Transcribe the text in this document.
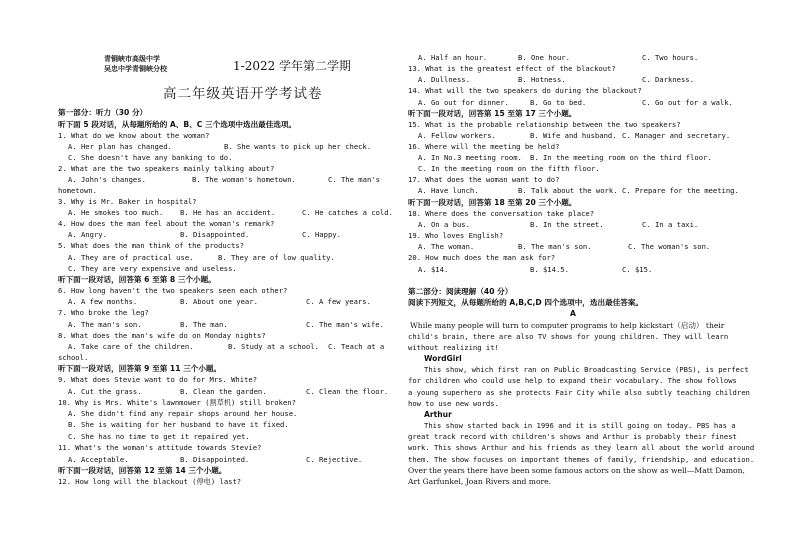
青铜峡市高级中学
吴忠中学青铜峡分校	1-2022 学年第二学期
高二年级英语开学考试卷
第一部分：听力（30 分）
听下面 5 段对话，从每题所给的 A、B、C 三个选项中选出最佳选项。
1. What do we know about the woman?
A. Her plan has changed.	B. She wants to pick up her check.
C. She doesn't have any banking to do.
2. What are the two speakers mainly talking about?
A. John's changes.	B. The woman's hometown.	C. The man's
hometown.
3. Why is Mr. Baker in hospital?
A. He smokes too much. B. He has an accident.	C. He catches a cold.
4. How does the man feel about the woman's remark?
A. Angry.	B. Disappointed.	C. Happy.
5. What does the man think of the products?
A. They are of practical use.	B. They are of low quality.
C. They are very expensive and useless.
听下面一段对话，回答第 6 至第 8 三个小题。
6. How long haven't the two speakers seen each other?
A. A few months.	B. About one year.	C. A few years.
7. Who broke the leg?
A. The man's son.	B. The man.	C. The man's wife.
8. What does the man's wife do on Monday nights?
A. Take care of the children.	B. Study at a school. C. Teach at a
school.
听下面一段对话，回答第 9 至第 11 三个小题。
9. What does Stevie want to do for Mrs. White?
A. Cut the grass.	B. Clean the garden.	C. Clean the floor.
10. Why is Mrs. White's lawnmower (割草机) still broken?
A. She didn't find any repair shops around her house.
B. She is waiting for her husband to have it fixed.
C. She has no time to get it repaired yet.
11. What's the woman's attitude towards Stevie?
A. Acceptable.	B. Disappointed.	C. Rejective.
听下面一段对话，回答第 12 至第 14 三个小题。
12. How long will the blackout (停电) last?
A. Half an hour.	B. One hour.	C. Two hours.
13. What is the greatest effect of the blackout?
A. Dullness.	B. Hotness.	C. Darkness.
14. What will the two speakers do during the blackout?
A. Go out for dinner.	B. Go to bed.	C. Go out for a walk.
听下面一段对话，回答第 15 至第 17 三个小题。
15. What is the probable relationship between the two speakers?
A. Fellow workers.	B. Wife and husband. C. Manager and secretary.
16. Where will the meeting be held?
A. In No.3 meeting room. B. In the meeting room on the third floor.
C. In the meeting room on the fifth floor.
17. What does the woman want to do?
A. Have lunch.	B. Talk about the work. C. Prepare for the meeting.
听下面一段对话，回答第 18 至第 20 三个小题。
18. Where does the conversation take place?
A. On a bus.	B. In the street.	C. In a taxi.
19. Who loves English?
A. The woman.	B. The man's son.	C. The woman's son.
20. How much does the man ask for?
A. $14.	B. $14.5.	C. $15.
第二部分：阅读理解（40 分）
阅读下列短文，从每题所给的 A,B,C,D 四个选项中，选出最佳答案。
A
While many people will turn to computer programs to help kickstart（启动） their
child's brain, there are also TV shows for young children. They will learn
without realizing it!
WordGirl
This show, which first ran on Public Broadcasting Service (PBS), is perfect
for children who could use help to expand their vocabulary. The show follows
a young superhero as she protects Fair City while also subtly teaching children
how to use new words.
Arthur
This show started back in 1996 and it is still going on today. PBS has a
great track record with children's shows and Arthur is probably their finest
work. This shows Arthur and his friends as they learn all about the world around
them. The show focuses on important themes of family, friendship, and education.
Over the years there have been some famous actors on the show as well—Matt Damon,
Art Garfunkel, Joan Rivers and more.
